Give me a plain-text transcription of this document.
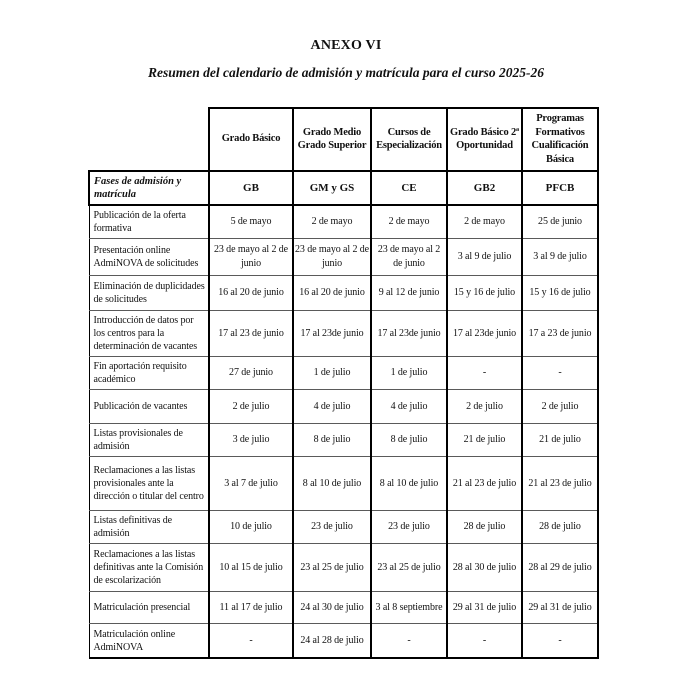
ANEXO VI
Resumen del calendario de admisión y matrícula para el curso 2025-26
	Grado Básico	Grado Medio Grado Superior	Cursos de Especialización	Grado Básico 2ª Oportunidad	Programas Formativos Cualificación Básica
Fases de admisión y matrícula	GB	GM y GS	CE	GB2	PFCB
Publicación de la oferta formativa	5 de mayo	2 de mayo	2 de mayo	2 de mayo	25 de junio
Presentación online AdmiNOVA de solicitudes	23 de mayo al 2 de junio	23 de mayo al 2 de junio	23 de mayo al 2 de junio	3 al 9 de julio	3 al 9 de julio
Eliminación de duplicidades de solicitudes	16 al 20 de junio	16 al 20 de junio	9 al 12 de junio	15 y 16 de julio	15 y 16 de julio
Introducción de datos por los centros para la determinación de vacantes	17 al 23 de junio	17 al 23de junio	17 al 23de junio	17 al 23de junio	17 a 23 de junio
Fin aportación requisito académico	27 de junio	1 de julio	1 de julio	-	-
Publicación de vacantes	2 de julio	4 de julio	4 de julio	2 de julio	2 de julio
Listas provisionales de admisión	3 de julio	8 de julio	8 de julio	21 de julio	21 de julio
Reclamaciones a las listas provisionales ante la dirección o titular del centro	3 al 7 de julio	8 al 10 de julio	8 al 10 de julio	21 al 23 de julio	21 al 23 de julio
Listas definitivas de admisión	10 de julio	23 de julio	23 de julio	28 de julio	28 de julio
Reclamaciones a las listas definitivas ante la Comisión de escolarización	10 al 15 de julio	23 al 25 de julio	23 al 25 de julio	28 al 30 de julio	28 al 29 de julio
Matriculación presencial	11 al 17 de julio	24 al 30 de julio	3 al 8 septiembre	29 al 31 de julio	29 al 31 de julio
Matriculación online AdmiNOVA	-	24 al 28 de julio	-	-	-
